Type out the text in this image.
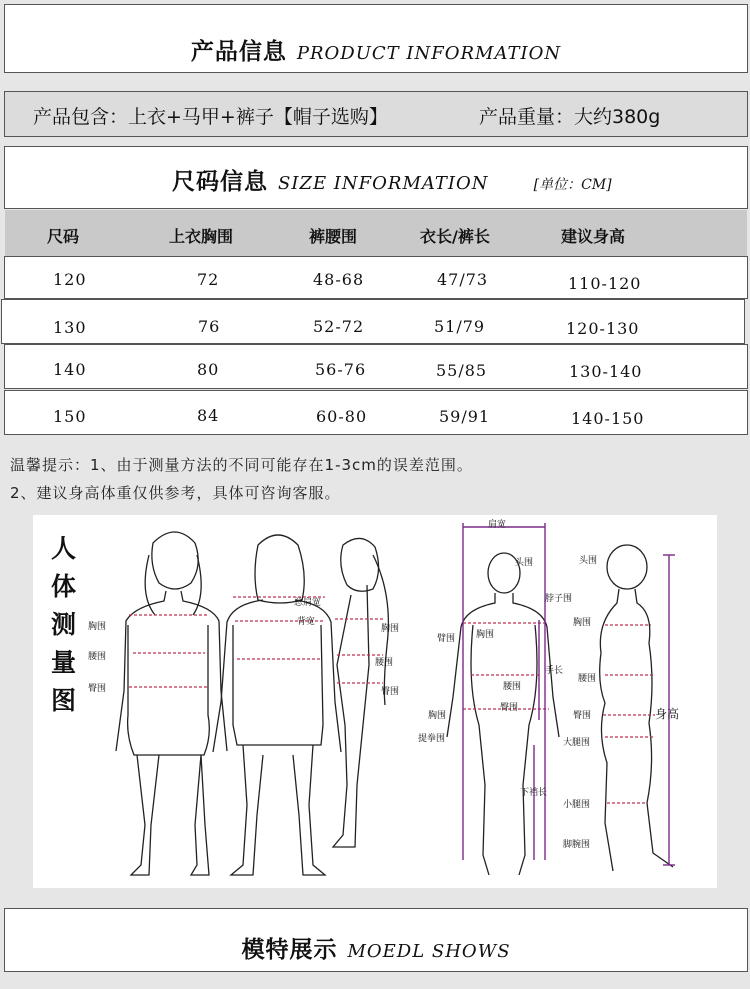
产品信息 PRODUCT INFORMATION
产品包含：上衣+马甲+裤子【帽子选购】	产品重量：大约380g
尺码信息 SIZE INFORMATION	[单位：CM]
尺码	上衣胸围	裤腰围	衣长/裤长	建议身高
120	72	48-68	47/73	110-120
130	76	52-72	51/79	120-130
140	80	56-76	55/85	130-140
150	84	60-80	59/91	140-150
温馨提示：1、由于测量方法的不同可能存在1-3cm的误差范围。
2、建议身高体重仅供参考，具体可咨询客服。
人
体
测
量
图
胸围
腰围
臀围
总肩宽
背宽
胸围
腰围
臀围
肩宽
头围
脖子围
臂围 胸围
手长
腰围
臀围
胸围
提拳围
下裆长
头围
胸围
腰围
臀围
大腿围
小腿围
脚腕围
身高
模特展示 MOEDL SHOWS
